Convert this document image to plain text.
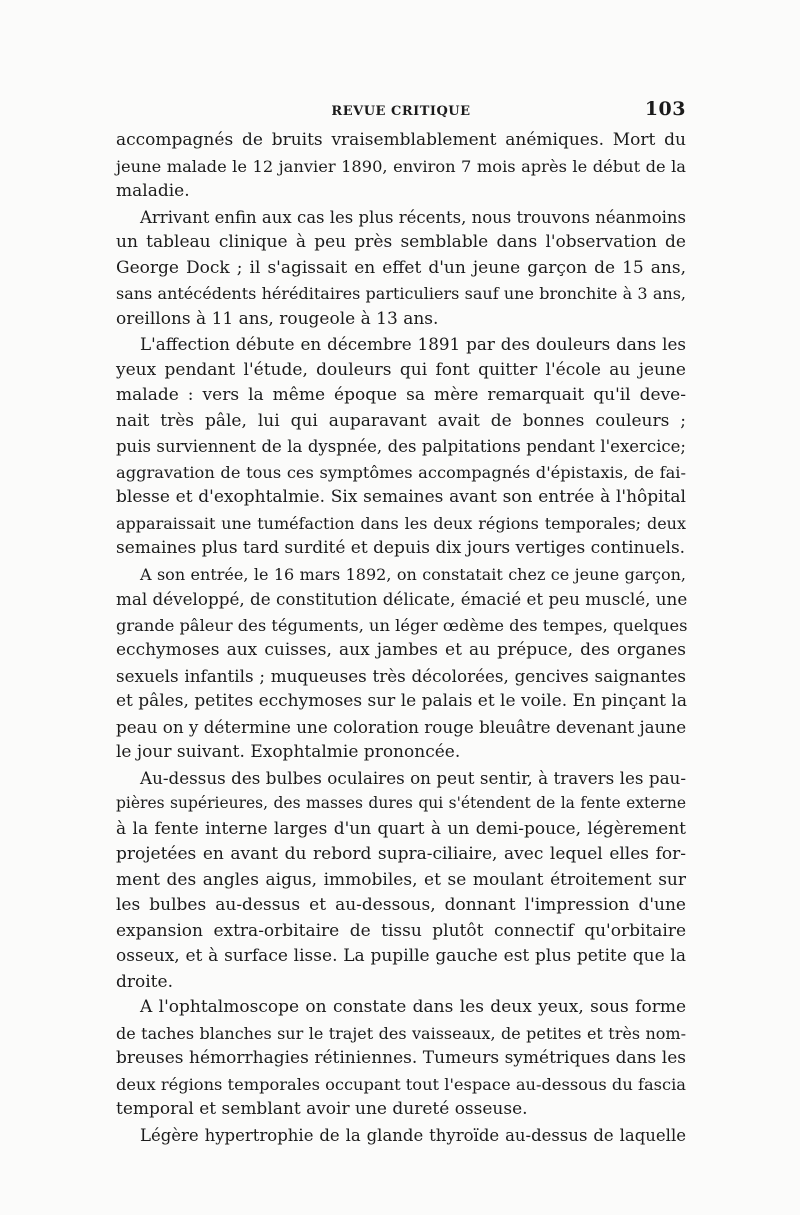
REVUE CRITIQUE	103
accompagnés de bruits vraisemblablement anémiques. Mort du
jeune malade le 12 janvier 1890, environ 7 mois après le début de la
maladie.
Arrivant enfin aux cas les plus récents, nous trouvons néanmoins
un tableau clinique à peu près semblable dans l'observation de
George Dock ; il s'agissait en effet d'un jeune garçon de 15 ans,
sans antécédents héréditaires particuliers sauf une bronchite à 3 ans,
oreillons à 11 ans, rougeole à 13 ans.
L'affection débute en décembre 1891 par des douleurs dans les
yeux pendant l'étude, douleurs qui font quitter l'école au jeune
malade : vers la même époque sa mère remarquait qu'il deve-
nait très pâle, lui qui auparavant avait de bonnes couleurs ;
puis surviennent de la dyspnée, des palpitations pendant l'exercice;
aggravation de tous ces symptômes accompagnés d'épistaxis, de fai-
blesse et d'exophtalmie. Six semaines avant son entrée à l'hôpital
apparaissait une tuméfaction dans les deux régions temporales; deux
semaines plus tard surdité et depuis dix jours vertiges continuels.
A son entrée, le 16 mars 1892, on constatait chez ce jeune garçon,
mal développé, de constitution délicate, émacié et peu musclé, une
grande pâleur des téguments, un léger œdème des tempes, quelques
ecchymoses aux cuisses, aux jambes et au prépuce, des organes
sexuels infantils ; muqueuses très décolorées, gencives saignantes
et pâles, petites ecchymoses sur le palais et le voile. En pinçant la
peau on y détermine une coloration rouge bleuâtre devenant jaune
le jour suivant. Exophtalmie prononcée.
Au-dessus des bulbes oculaires on peut sentir, à travers les pau-
pières supérieures, des masses dures qui s'étendent de la fente externe
à la fente interne larges d'un quart à un demi-pouce, légèrement
projetées en avant du rebord supra-ciliaire, avec lequel elles for-
ment des angles aigus, immobiles, et se moulant étroitement sur
les bulbes au-dessus et au-dessous, donnant l'impression d'une
expansion extra-orbitaire de tissu plutôt connectif qu'orbitaire
osseux, et à surface lisse. La pupille gauche est plus petite que la
droite.
A l'ophtalmoscope on constate dans les deux yeux, sous forme
de taches blanches sur le trajet des vaisseaux, de petites et très nom-
breuses hémorrhagies rétiniennes. Tumeurs symétriques dans les
deux régions temporales occupant tout l'espace au-dessous du fascia
temporal et semblant avoir une dureté osseuse.
Légère hypertrophie de la glande thyroïde au-dessus de laquelle
